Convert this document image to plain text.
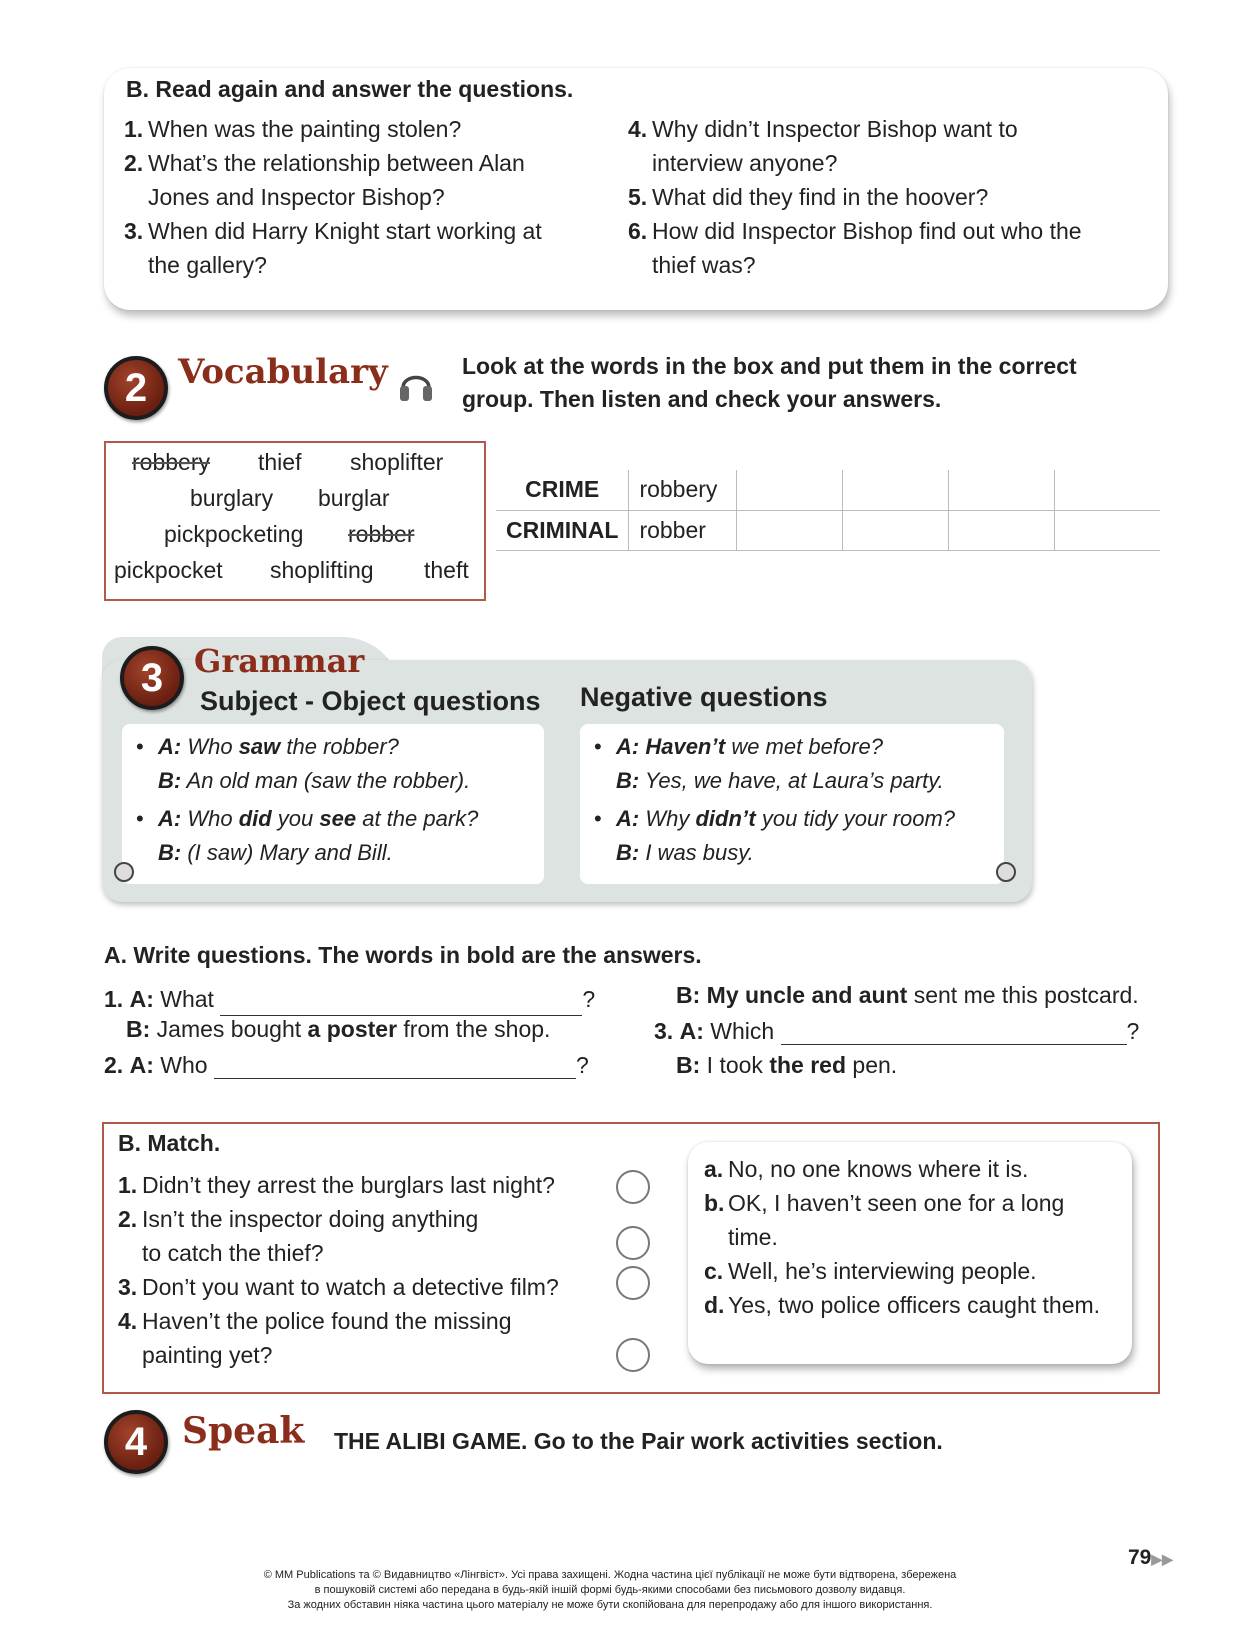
B. Read again and answer the questions.
1. When was the painting stolen?
2. What’s the relationship between Alan
Jones and Inspector Bishop?
3. When did Harry Knight start working at
the gallery?
4. Why didn’t Inspector Bishop want to
interview anyone?
5. What did they find in the hoover?
6. How did Inspector Bishop find out who the
thief was?
2 Vocabulary	Look at the words in the box and put them in the correct
group. Then listen and check your answers.
robbery thief shoplifter
burglary burglar
pickpocketing robber
pickpocket shoplifting theft
CRIME	robbery				
CRIMINAL	robber				
3 Grammar
Subject - Object questions Negative questions
• A: Who saw the robber?
B: An old man (saw the robber).
• A: Who did you see at the park?
B: (I saw) Mary and Bill.
• A: Haven’t we met before?
B: Yes, we have, at Laura’s party.
• A: Why didn’t you tidy your room?
B: I was busy.
A. Write questions. The words in bold are the answers.
1. A: What	?
B: James bought a poster from the shop.
2. A: Who	?
B: My uncle and aunt sent me this postcard.
3. A: Which	?
B: I took the red pen.
B. Match.
1. Didn’t they arrest the burglars last night?
2. Isn’t the inspector doing anything
to catch the thief?
3. Don’t you want to watch a detective film?
4. Haven’t the police found the missing
painting yet?
a. No, no one knows where it is.
b. OK, I haven’t seen one for a long
time.
c. Well, he’s interviewing people.
d. Yes, two police officers caught them.
4 Speak THE ALIBI GAME. Go to the Pair work activities section.
79▶▶
© MM Publications та © Видавництво «Лінгвіст». Усі права захищені. Жодна частина цієї публікації не може бути відтворена, збережена
в пошуковій системі або передана в будь-якій іншій формі будь-якими способами без письмового дозволу видавця.
За жодних обставин ніяка частина цього матеріалу не може бути скопійована для перепродажу або для іншого використання.
